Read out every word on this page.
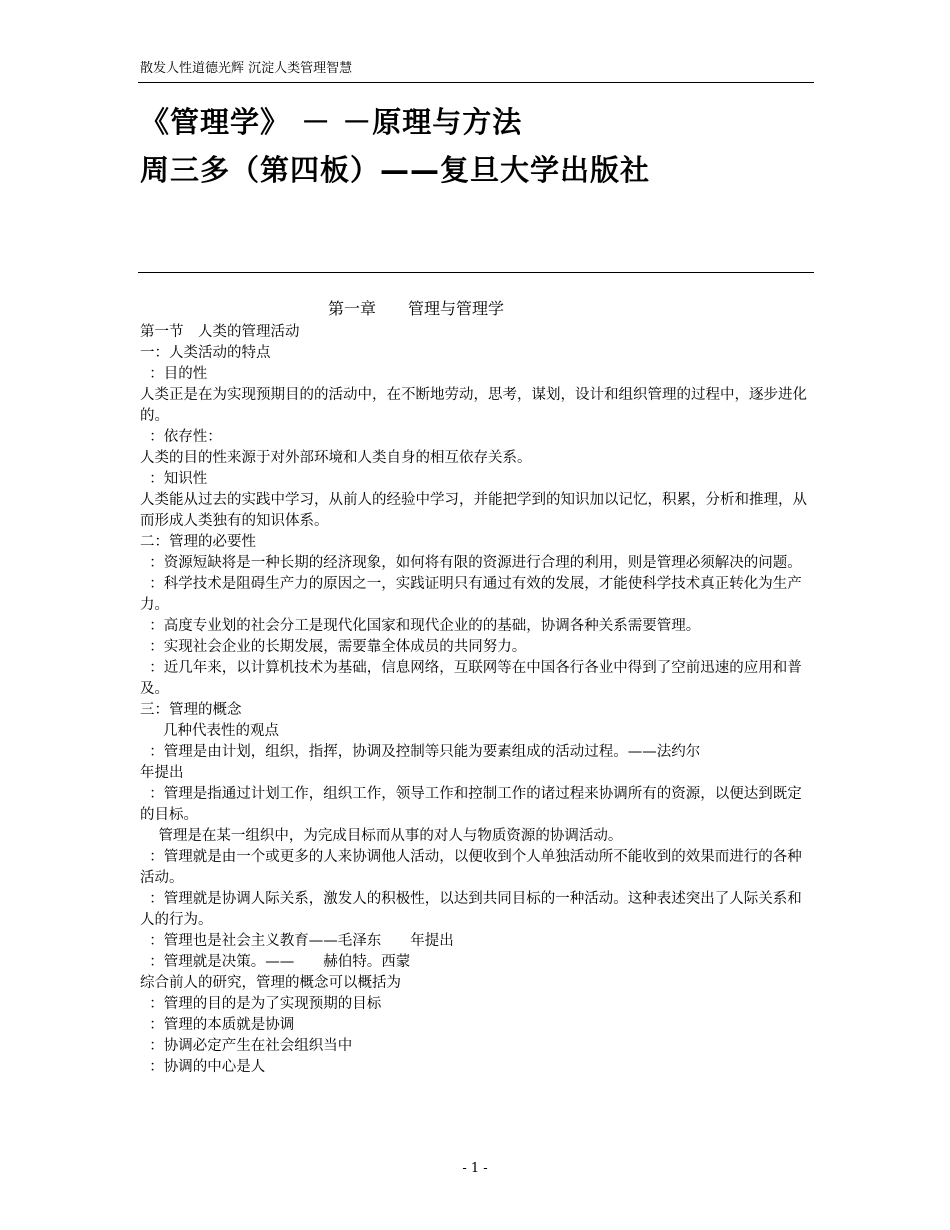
散发人性道德光辉 沉淀人类管理智慧
《管理学》 － －原理与方法
周三多（第四板）——复旦大学出版社
第一章　　管理与管理学
第一节　人类的管理活动
一：人类活动的特点
：目的性
人类正是在为实现预期目的的活动中，在不断地劳动，思考，谋划，设计和组织管理的过程中，逐步进化的。
：依存性：
人类的目的性来源于对外部环境和人类自身的相互依存关系。
：知识性
人类能从过去的实践中学习，从前人的经验中学习，并能把学到的知识加以记忆，积累，分析和推理，从而形成人类独有的知识体系。
二：管理的必要性
：资源短缺将是一种长期的经济现象，如何将有限的资源进行合理的利用，则是管理必须解决的问题。
：科学技术是阻碍生产力的原因之一，实践证明只有通过有效的发展，才能使科学技术真正转化为生产力。
：高度专业划的社会分工是现代化国家和现代企业的的基础，协调各种关系需要管理。
：实现社会企业的长期发展，需要靠全体成员的共同努力。
：近几年来，以计算机技术为基础，信息网络，互联网等在中国各行各业中得到了空前迅速的应用和普及。
三：管理的概念
几种代表性的观点
：管理是由计划，组织，指挥，协调及控制等只能为要素组成的活动过程。——法约尔
年提出
：管理是指通过计划工作，组织工作，领导工作和控制工作的诸过程来协调所有的资源，以便达到既定的目标。
管理是在某一组织中，为完成目标而从事的对人与物质资源的协调活动。
：管理就是由一个或更多的人来协调他人活动，以便收到个人单独活动所不能收到的效果而进行的各种活动。
：管理就是协调人际关系，激发人的积极性，以达到共同目标的一种活动。这种表述突出了人际关系和人的行为。
：管理也是社会主义教育——毛泽东　　年提出
：管理就是决策。——　　赫伯特。西蒙
综合前人的研究，管理的概念可以概括为
：管理的目的是为了实现预期的目标
：管理的本质就是协调
：协调必定产生在社会组织当中
：协调的中心是人
- 1 -
